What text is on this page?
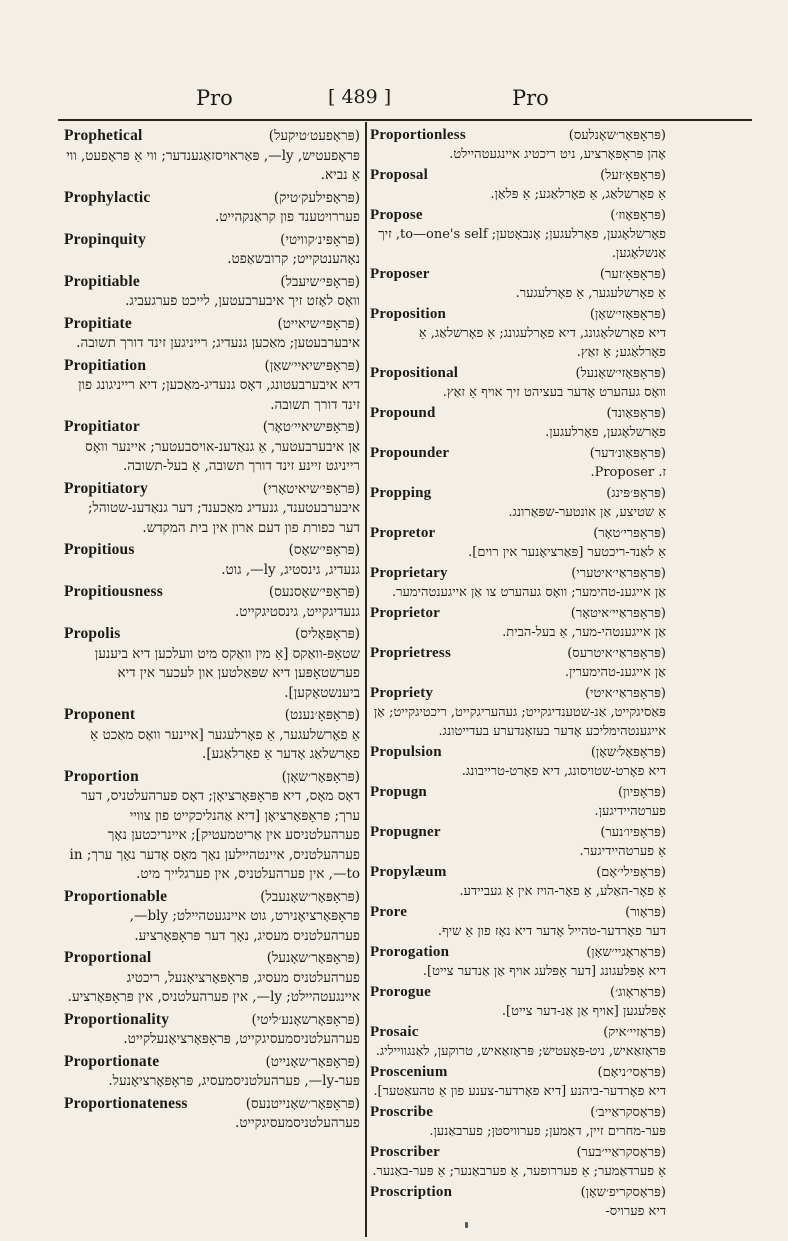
Pro	[ 489 ]	Pro
Prophetical	(פּראָפעט׳טיקעל)
פּראָפעטיש, ly—, פּאַראויסזאַגענדער; ווי אַ פּראָפעט, ווי אַ נביא.
Prophylactic	(פּראָפילעק׳טיק)
פעררויטענד פון קראַנקהייט.
Propinquity	(פּראָפּינ׳קוויטי)
נאָהענטקייט; קרובשאַפט.
Propitiable	(פּראָפּי׳שיעבל)
וואָס לאָזט זיך איבערבעטען, לייכט פערגעביג.
Propitiate	(פּראָפּי׳שיאייט)
איבערבעטען; מאַכען גנעדיג; רייניגען זינד דורך תשובה.
Propitiation	(פּראָפּישיאיי׳שאַן)
דיא איבערבעטונג, דאָס גנעדיג-מאַכען; דיא רייניגונג פון זינד דורך תשובה.
Propitiator	(פּראָפּישיאיי׳טאָר)
אַן איבערבעטער, אַ גנאַדענ-אויסבעטער; איינער וואָס רייניגט זיינע זינד דורך תשובה, אַ בעל-תשובה.
Propitiatory	(פּראָפּי׳שיאיטאָרי)
איבערבעטענד, גנעדיג מאַכענד; דער גנאַדענ-שטוהל; דער כפורת פון דעם ארון אין בית המקדש.
Propitious	(פּראָפּי׳שאָס)
גנעדיג, גינסטיג, ly—, גוט.
Propitiousness	(פּראָפּי׳שאָסנעס)
גנעדיגקייט, גינסטיגקייט.
Propolis	(פּראָפּאָליס)
שטאָפּ-וואַקס [אַ מין וואַקס מיט וועלכען דיא ביענען פערשטאָפּען דיא שפּאַלטען און לעכער אין דיא ביענשטאָקען].
Proponent	(פּראָפּאָ׳נענט)
אַ פאָרשלעגער, אַ פאָרלעגער [איינער וואָס מאַכט אַ פאָרשלאַג אָדער אַ פאָרלאַגע].
Proportion	(פּראָפּאָר׳שאָן)
דאָס מאָס, דיא פּראָפּאָרציאָן; דאָס פערהעלטניס, דער ערך; פּראָפּאָרציאָן [דיא אַהנליכקייט פון צוויי פערהעלטניסע אין אַריטמעטיק]; איינריכטען נאָך פערהעלטניס, איינטהיילען נאָך מאָס אָדער נאָך ערך; in—to, אין פערהעלטניס, אין פערגלייך מיט.
Proportionable	(פּראָפּאָר׳שאָנעבל)
פּראָפּאָרציאָנירט, גוט איינגעטהיילט; bly—, פערהעלטניס מעסיג, נאָך דער פּראָפּאָרציע.
Proportional	(פּראָפּאָר׳שאָנעל)
פערהעלטניס מעסיג, פּראָפּאָרציאָנעל, ריכטיג איינגעטהיילט; ly—, אין פערהעלטניס, אין פּראָפּאָרציע.
Proportionality	(פּראָפּאָרשאָנע׳ליטי)
פערהעלטניסמעסיגקייט, פּראָפּאָרציאָנעלקייט.
Proportionate	(פּראָפּאָר׳שאָנייט)
פּער-ly—, פערהעלטניסמעסיג, פּראָפּאָרציאָנעל.
Proportionateness	(פּראָפּאָר׳שאָנייטנעס)
פערהעלטניסמעסיגקייט.
Proportionless	(פּראָפּאָר׳שאָנלעס)
אָהן פּראָפּאָרציע, ניט ריכטיג איינגעטהיילט.
Proposal	(פּראָפּאָ׳זעל)
אַ פאָרשלאַג, אַ פאָרלאַגע; אַ פּלאַן.
Propose	(פּראָפּאָוז׳)
פאָרשלאָגען, פאָרלעגען; אָנבאָטען; to—one's self, זיך אָנשלאָגען.
Proposer	(פּראָפּאָ׳זער)
אַ פאָרשלעגער, אַ פאָרלעגער.
Proposition	(פּראָפּאָזי׳שאָן)
דיא פאָרשלאָגונג, דיא פאָרלעגונג; אַ פאָרשלאַג, אַ פאָרלאַגע; אַ זאַץ.
Propositional	(פּראָפּאָזי׳שאָנעל)
וואָס געהערט אָדער בעציהט זיך אויף אַ זאַץ.
Propound	(פּראָפּאַונד)
פאָרשלאָגען, פאָרלעגען.
Propounder	(פּראָפּאַונ׳דער)
ז. Proposer.
Propping	(פּראָפּ׳פּינג)
אַ שטיצע, אַן אונטער-שפּאַרונג.
Propretor	(פּראָפּרי׳טאָר)
אַ לאַנד-ריכטער [פּאַרציאָנער אין רוים].
Proprietary	(פּראָפּראַי׳איטערי)
אַן אייגענ-טהימער; וואָס געהערט צו אַן אייגענטהימער.
Proprietor	(פּראָפּראַיי׳איטאָר)
אַן אייגענטהי-מער, אַ בעל-הבית.
Proprietress	(פּראָפּראַי׳איטרעס)
אַן אייגענ-טהימערין.
Propriety	(פּראָפּראַי׳איטי)
פּאַסיגקייט, אַנ-שטענדיגקייט; געהעריגקייט, ריכטיגקייט; אַן אייגענטהימליכע אָדער בעזאָנדערע בעדייטונג.
Propulsion	(פּראָפּאָל׳שאָן)
דיא פאָרט-שטויסונג, דיא פאָרט-טרייבונג.
Propugn	(פּראָפּיון)
פערטהיידיגען.
Propugner	(פּראָפּיו׳נער)
אַ פערטהיידיגער.
Propylæum	(פּראָפּילי׳אָם)
אַ פאָר-האַלע, אַ פאָר-הויז אין אַ געביידע.
Prore	(פּראָור)
דער פאָרדער-טהייל אָדער דיא נאָז פון אַ שיף.
Prorogation	(פּראָראָגיי׳שאָן)
דיא אָפּלעגונג [דער אָפּלעג אויף אַן אַנדער צייט].
Prorogue	(פּראָראָוג׳)
אָפּלעגען [אויף אַן אַנ-דער צייט].
Prosaic	(פּראָזיי׳איק)
פּראָזאַאיש, ניט-פּאָעטיש; פּראָזאַאיש, טרוקען, לאַנגווייליג.
Proscenium	(פּראָסי׳ניאָם)
דיא פאָרדער-ביהנע [דיא פאָרדער-צענע פון אַ טהעאַטער].
Proscribe	(פּראָסקראַייב׳)
פּער-מחרים זיין, דאַמען; פערוויסטן; פערבאַנען.
Proscriber	(פּראָסקראַיי׳בער)
אַ פערדאַמער; אַ פעררופער, אַ פערבאַנער; אַ פּער-באַנער.
Proscription	(פּראָסקריפ׳שאָן)
דיא פערויס-
